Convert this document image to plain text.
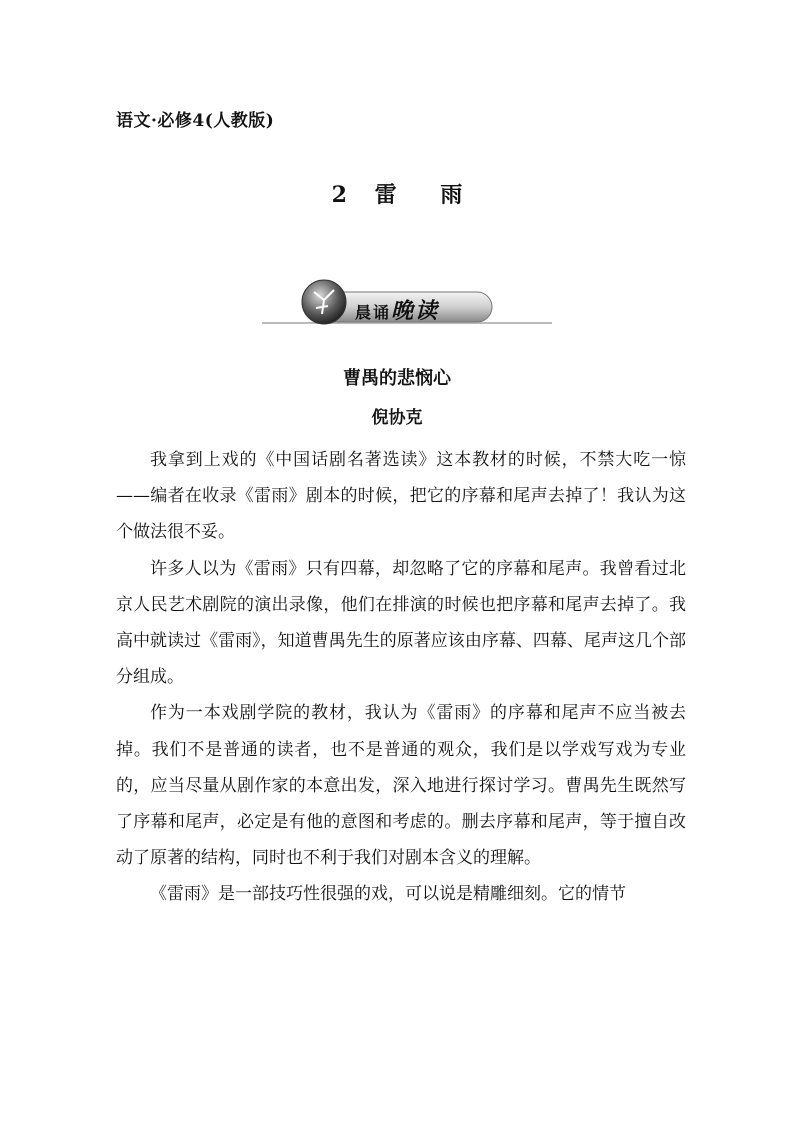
语文·必修4(人教版)
2 雷 雨
晨诵晚读
曹禺的悲悯心
倪协克

我拿到上戏的《中国话剧名著选读》这本教材的时候，不禁大吃一惊——编者在收录《雷雨》剧本的时候，把它的序幕和尾声去掉了！我认为这个做法很不妥。

许多人以为《雷雨》只有四幕，却忽略了它的序幕和尾声。我曾看过北京人民艺术剧院的演出录像，他们在排演的时候也把序幕和尾声去掉了。我高中就读过《雷雨》，知道曹禺先生的原著应该由序幕、四幕、尾声这几个部分组成。

作为一本戏剧学院的教材，我认为《雷雨》的序幕和尾声不应当被去掉。我们不是普通的读者，也不是普通的观众，我们是以学戏写戏为专业的，应当尽量从剧作家的本意出发，深入地进行探讨学习。曹禺先生既然写了序幕和尾声，必定是有他的意图和考虑的。删去序幕和尾声，等于擅自改动了原著的结构，同时也不利于我们对剧本含义的理解。

《雷雨》是一部技巧性很强的戏，可以说是精雕细刻。它的情节
